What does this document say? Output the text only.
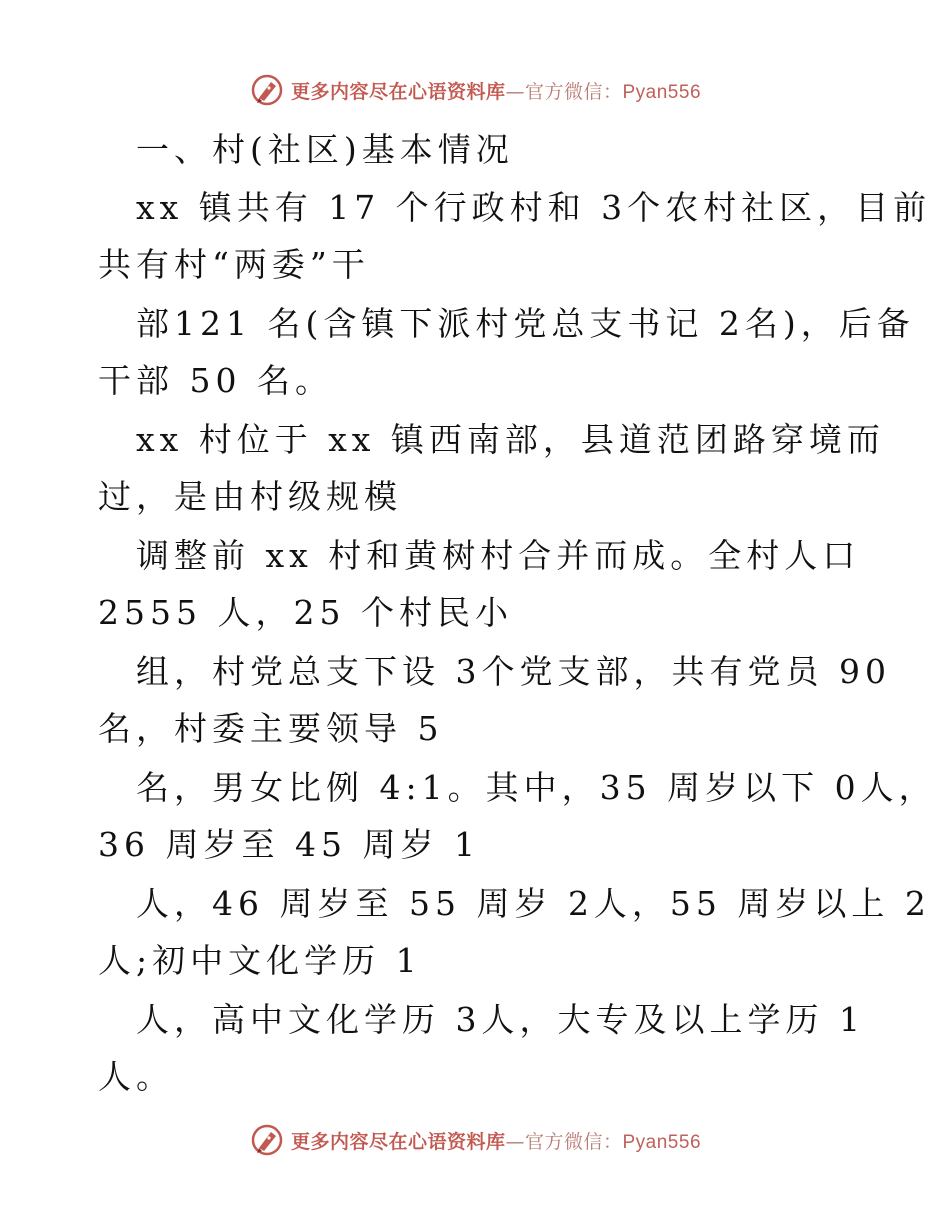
更多内容尽在心语资料库—官方微信：Pyan556
一、村(社区)基本情况
xx 镇共有 17 个行政村和 3个农村社区，目前
共有村“两委”干
部121 名(含镇下派村党总支书记 2名)，后备
干部 50 名。
xx 村位于 xx 镇西南部，县道范团路穿境而
过，是由村级规模
调整前 xx 村和黄树村合并而成。全村人口
2555 人，25 个村民小
组，村党总支下设 3个党支部，共有党员 90
名，村委主要领导 5
名，男女比例 4:1。其中，35 周岁以下 0人，
36 周岁至 45 周岁 1
人，46 周岁至 55 周岁 2人，55 周岁以上 2
人;初中文化学历 1
人，高中文化学历 3人，大专及以上学历 1
人。
更多内容尽在心语资料库—官方微信：Pyan556
